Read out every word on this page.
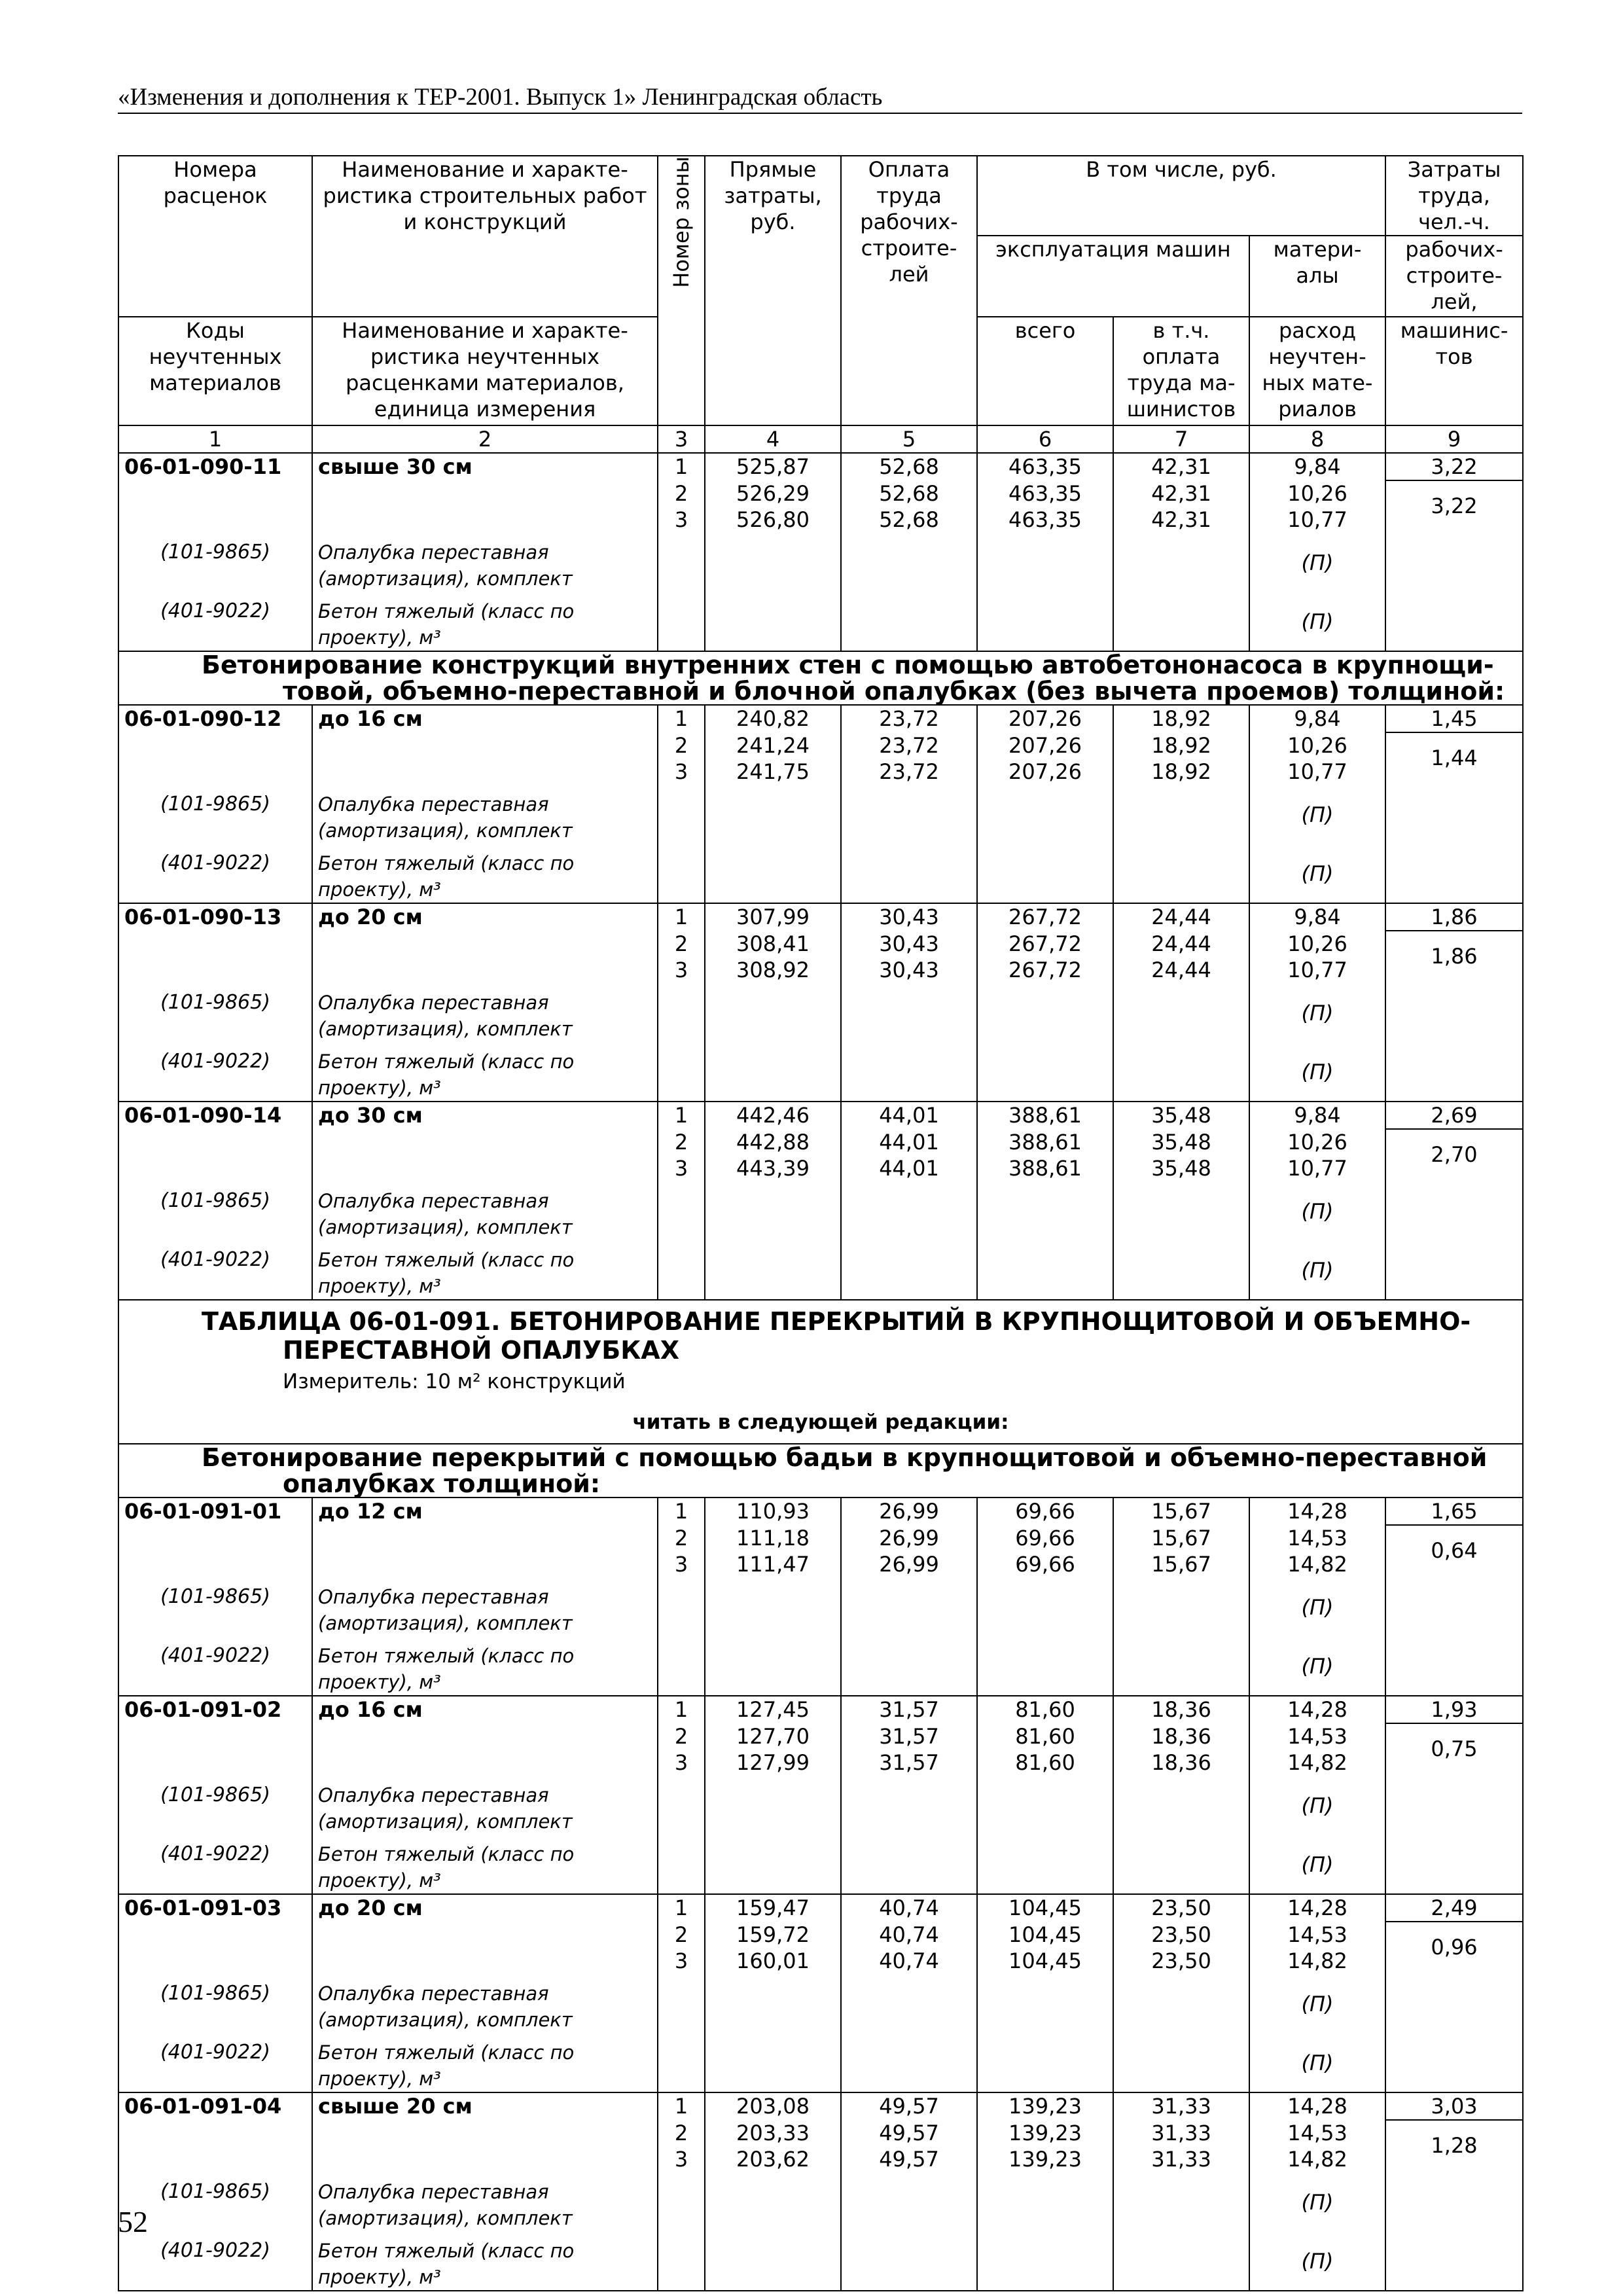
«Изменения и дополнения к ТЕР-2001. Выпуск 1» Ленинградская область
Номера расценок	Наименование и характе-ристика строительных работ и конструкций	Номер зоны	Прямые затраты, руб.	Оплата труда рабочих-строите-лей	В том числе, руб.			Затраты труда, чел.-ч.
					эксплуатация машин		матери-алы	рабочих-строите-лей,
Коды неучтенных материалов	Наименование и характе-ристика неучтенных расценками материалов, единица измерения				всего	в т.ч. оплата труда ма-шинистов	расход неучтен-ных мате-риалов	машинис-тов

1	2	3	4	5	6	7	8	9
06-01-090-11	свыше 30 см	1	525,87	52,68	463,35	42,31	9,84	3,22
		2	526,29	52,68	463,35	42,31	10,26	3,22
		3	526,80	52,68	463,35	42,31	10,77	
(101-9865)	Опалубка переставная (амортизация), комплект						(П)	
(401-9022)	Бетон тяжелый (класс по проекту), м³						(П)	

Бетонирование конструкций внутренних стен с помощью автобетононасоса в крупнощи-
товой, объемно-переставной и блочной опалубках (без вычета проемов) толщиной:								

06-01-090-12	до 16 см	1	240,82	23,72	207,26	18,92	9,84	1,45
		2	241,24	23,72	207,26	18,92	10,26	1,44
		3	241,75	23,72	207,26	18,92	10,77	
(101-9865)	Опалубка переставная (амортизация), комплект						(П)	
(401-9022)	Бетон тяжелый (класс по проекту), м³						(П)	
06-01-090-13	до 20 см	1	307,99	30,43	267,72	24,44	9,84	1,86
		2	308,41	30,43	267,72	24,44	10,26	1,86
		3	308,92	30,43	267,72	24,44	10,77	
(101-9865)	Опалубка переставная (амортизация), комплект						(П)	
(401-9022)	Бетон тяжелый (класс по проекту), м³						(П)	
06-01-090-14	до 30 см	1	442,46	44,01	388,61	35,48	9,84	2,69
		2	442,88	44,01	388,61	35,48	10,26	2,70
		3	443,39	44,01	388,61	35,48	10,77	
(101-9865)	Опалубка переставная (амортизация), комплект						(П)	
(401-9022)	Бетон тяжелый (класс по проекту), м³						(П)	

ТАБЛИЦА 06-01-091. БЕТОНИРОВАНИЕ ПЕРЕКРЫТИЙ В КРУПНОЩИТОВОЙ И ОБЪЕМНО-
ПЕРЕСТАВНОЙ ОПАЛУБКАХ
Измеритель: 10 м² конструкций
читать в следующей редакции:								

Бетонирование перекрытий с помощью бадьи в крупнощитовой и объемно-переставной
опалубках толщиной:								

06-01-091-01	до 12 см	1	110,93	26,99	69,66	15,67	14,28	1,65
		2	111,18	26,99	69,66	15,67	14,53	0,64
		3	111,47	26,99	69,66	15,67	14,82	
(101-9865)	Опалубка переставная (амортизация), комплект						(П)	
(401-9022)	Бетон тяжелый (класс по проекту), м³						(П)	
06-01-091-02	до 16 см	1	127,45	31,57	81,60	18,36	14,28	1,93
		2	127,70	31,57	81,60	18,36	14,53	0,75
		3	127,99	31,57	81,60	18,36	14,82	
(101-9865)	Опалубка переставная (амортизация), комплект						(П)	
(401-9022)	Бетон тяжелый (класс по проекту), м³						(П)	
06-01-091-03	до 20 см	1	159,47	40,74	104,45	23,50	14,28	2,49
		2	159,72	40,74	104,45	23,50	14,53	0,96
		3	160,01	40,74	104,45	23,50	14,82	
(101-9865)	Опалубка переставная (амортизация), комплект						(П)	
(401-9022)	Бетон тяжелый (класс по проекту), м³						(П)	
06-01-091-04	свыше 20 см	1	203,08	49,57	139,23	31,33	14,28	3,03
		2	203,33	49,57	139,23	31,33	14,53	1,28
		3	203,62	49,57	139,23	31,33	14,82	
(101-9865)	Опалубка переставная (амортизация), комплект						(П)	
(401-9022)	Бетон тяжелый (класс по проекту), м³						(П)	
52
